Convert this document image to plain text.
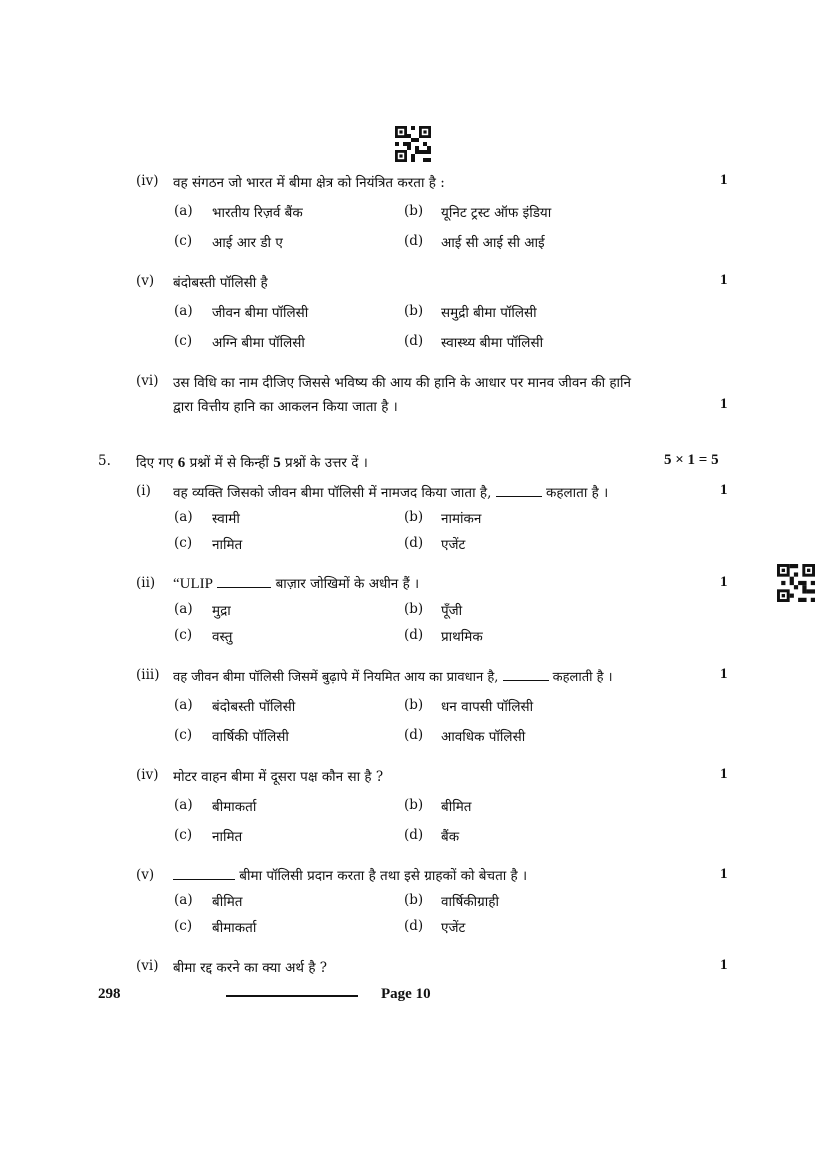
(iv) वह संगठन जो भारत में बीमा क्षेत्र को नियंत्रित करता है :	1
(a) भारतीय रिज़र्व बैंक	(b) यूनिट ट्रस्ट ऑफ इंडिया
(c) आई आर डी ए	(d) आई सी आई सी आई
(v) बंदोबस्ती पॉलिसी है	1
(a) जीवन बीमा पॉलिसी	(b) समुद्री बीमा पॉलिसी
(c) अग्नि बीमा पॉलिसी	(d) स्वास्थ्य बीमा पॉलिसी
(vi) उस विधि का नाम दीजिए जिससे भविष्य की आय की हानि के आधार पर मानव जीवन की हानि
द्वारा वित्तीय हानि का आकलन किया जाता है ।	1
5. दिए गए 6 प्रश्नों में से किन्हीं 5 प्रश्नों के उत्तर दें ।	5 × 1 = 5
(i) वह व्यक्ति जिसको जीवन बीमा पॉलिसी में नामजद किया जाता है,	कहलाता है ।	1
(a) स्वामी	(b) नामांकन
(c) नामित	(d) एजेंट
(ii) “ULIP	बाज़ार जोखिमों के अधीन हैं ।	1
(a) मुद्रा	(b) पूँजी
(c) वस्तु	(d) प्राथमिक
(iii) वह जीवन बीमा पॉलिसी जिसमें बुढ़ापे में नियमित आय का प्रावधान है,	कहलाती है ।	1
(a) बंदोबस्ती पॉलिसी	(b) धन वापसी पॉलिसी
(c) वार्षिकी पॉलिसी	(d) आवधिक पॉलिसी
(iv) मोटर वाहन बीमा में दूसरा पक्ष कौन सा है ?	1
(a) बीमाकर्ता	(b) बीमित
(c) नामित	(d) बैंक
(v)	बीमा पॉलिसी प्रदान करता है तथा इसे ग्राहकों को बेचता है ।	1
(a) बीमित	(b) वार्षिकीग्राही
(c) बीमाकर्ता	(d) एजेंट
(vi) बीमा रद्द करने का क्या अर्थ है ?	1
298	Page 10
